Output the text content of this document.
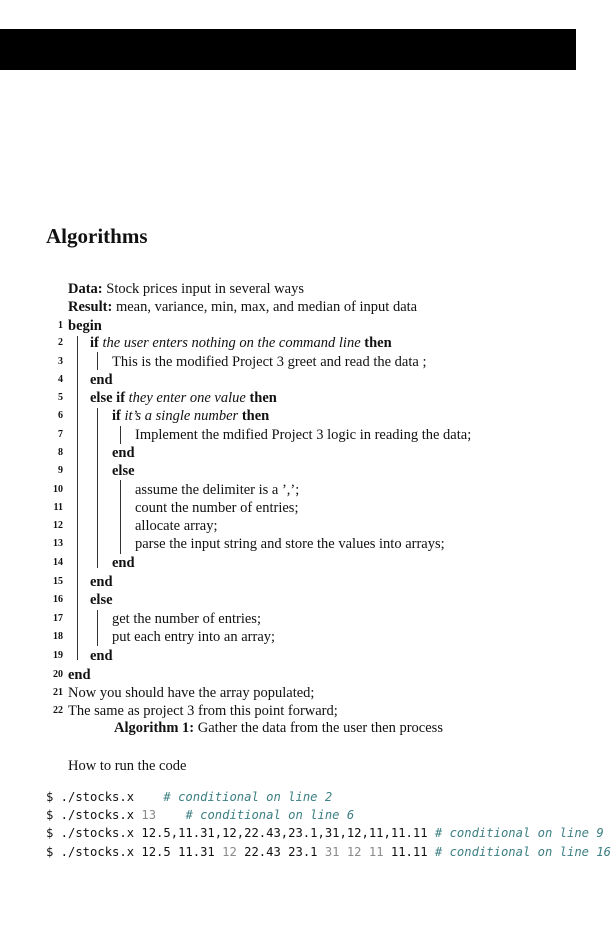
Algorithms
Data: Stock prices input in several ways
Result: mean, variance, min, max, and median of input data
1 begin
2 if the user enters nothing on the command line then
3	This is the modified Project 3 greet and read the data ;
4 end
5 else if they enter one value then
6	if it’s a single number then
7	Implement the mdified Project 3 logic in reading the data;
8	end
9	else
10	assume the delimiter is a ’,’;
11	count the number of entries;
12	allocate array;
13	parse the input string and store the values into arrays;
14	end
15 end
16 else
17	get the number of entries;
18	put each entry into an array;
19 end
20 end
21 Now you should have the array populated;
22 The same as project 3 from this point forward;
Algorithm 1: Gather the data from the user then process
How to run the code
$ ./stocks.x # conditional on line 2
$ ./stocks.x 13 # conditional on line 6
$ ./stocks.x 12.5,11.31,12,22.43,23.1,31,12,11,11.11 # conditional on line 9
$ ./stocks.x 12.5 11.31 12 22.43 23.1 31 12 11 11.11 # conditional on line 16
